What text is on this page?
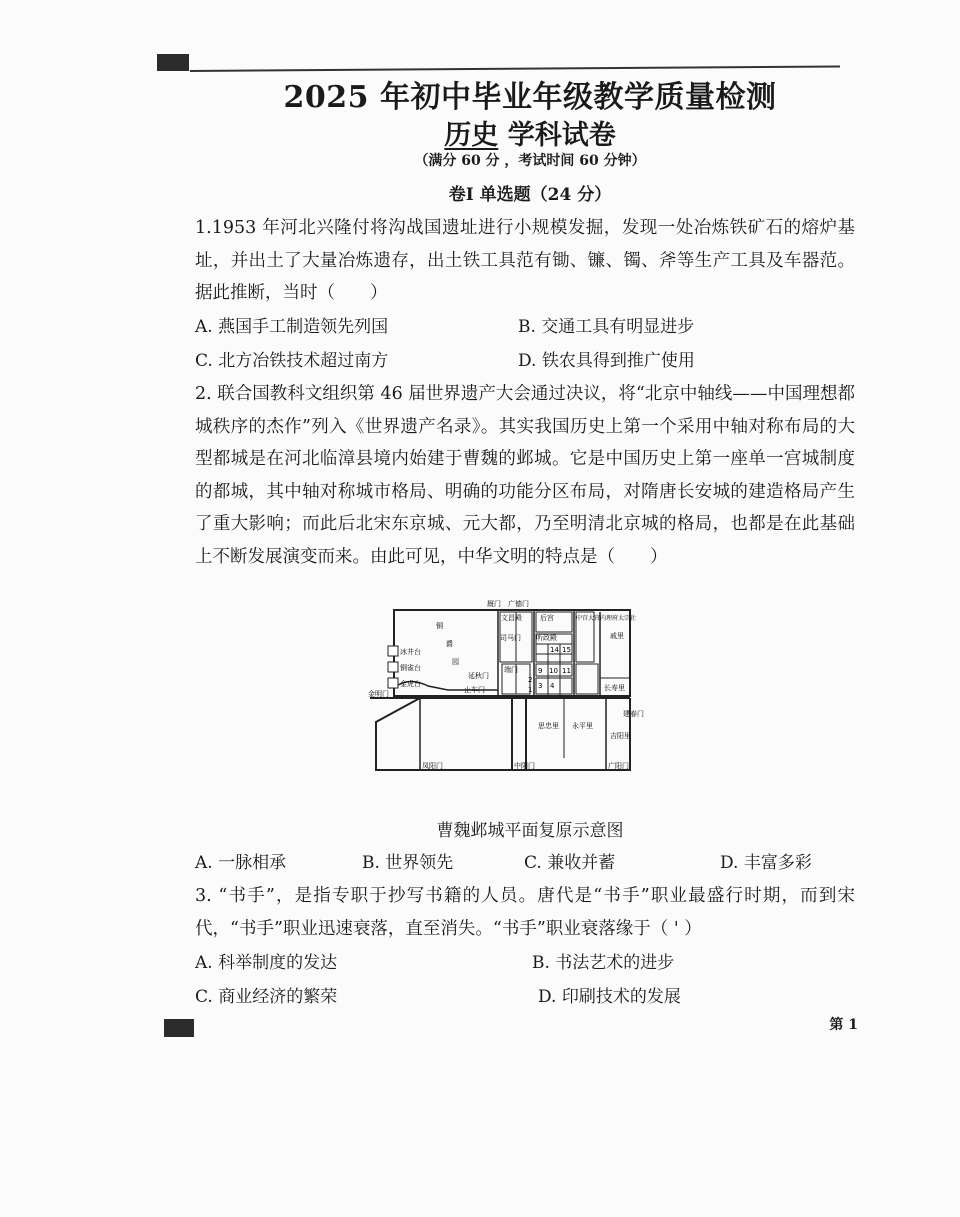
2025 年初中毕业年级教学质量检测
历史 学科试卷
（满分 60 分 ，考试时间 60 分钟）
卷Ⅰ 单选题（24 分）
1.1953 年河北兴隆付将沟战国遗址进行小规模发掘，发现一处冶炼铁矿石的熔炉基址，并出土了大量冶炼遗存，出土铁工具范有锄、镰、镯、斧等生产工具及车器范。据此推断，当时（　　）
A. 燕国手工制造领先列国	B. 交通工具有明显进步
C. 北方冶铁技术超过南方	D. 铁农具得到推广使用
2. 联合国教科文组织第 46 届世界遗产大会通过决议，将“北京中轴线——中国理想都城秩序的杰作”列入《世界遗产名录》。其实我国历史上第一个采用中轴对称布局的大型都城是在河北临漳县境内始建于曹魏的邺城。它是中国历史上第一座单一宫城制度的都城，其中轴对称城市格局、明确的功能分区布局，对隋唐长安城的建造格局产生了重大影响；而此后北宋东京城、元大都，乃至明清北京城的格局，也都是在此基础上不断发展演变而来。由此可见，中华文明的特点是（　　）
厩门 广德门
铜
爵
园
冰井台
铜雀台
金虎台
金明门
文昌殿
听政殿
司马门
止车门
延秋门
端门
后宫	中宫大官内理府太宗社
戚里
建春门
长寿里
思忠里 永平里
吉阳里
凤阳门	中阳门	广阳门
14 15
9 10 11
1
2
3 4
曹魏邺城平面复原示意图
A. 一脉相承	B. 世界领先	C. 兼收并蓄	D. 丰富多彩
3. “书手”，是指专职于抄写书籍的人员。唐代是“书手”职业最盛行时期，而到宋代，“书手”职业迅速衰落，直至消失。“书手”职业衰落缘于（ ' ）
A. 科举制度的发达	B. 书法艺术的进步
C. 商业经济的繁荣	D. 印刷技术的发展
第 1
